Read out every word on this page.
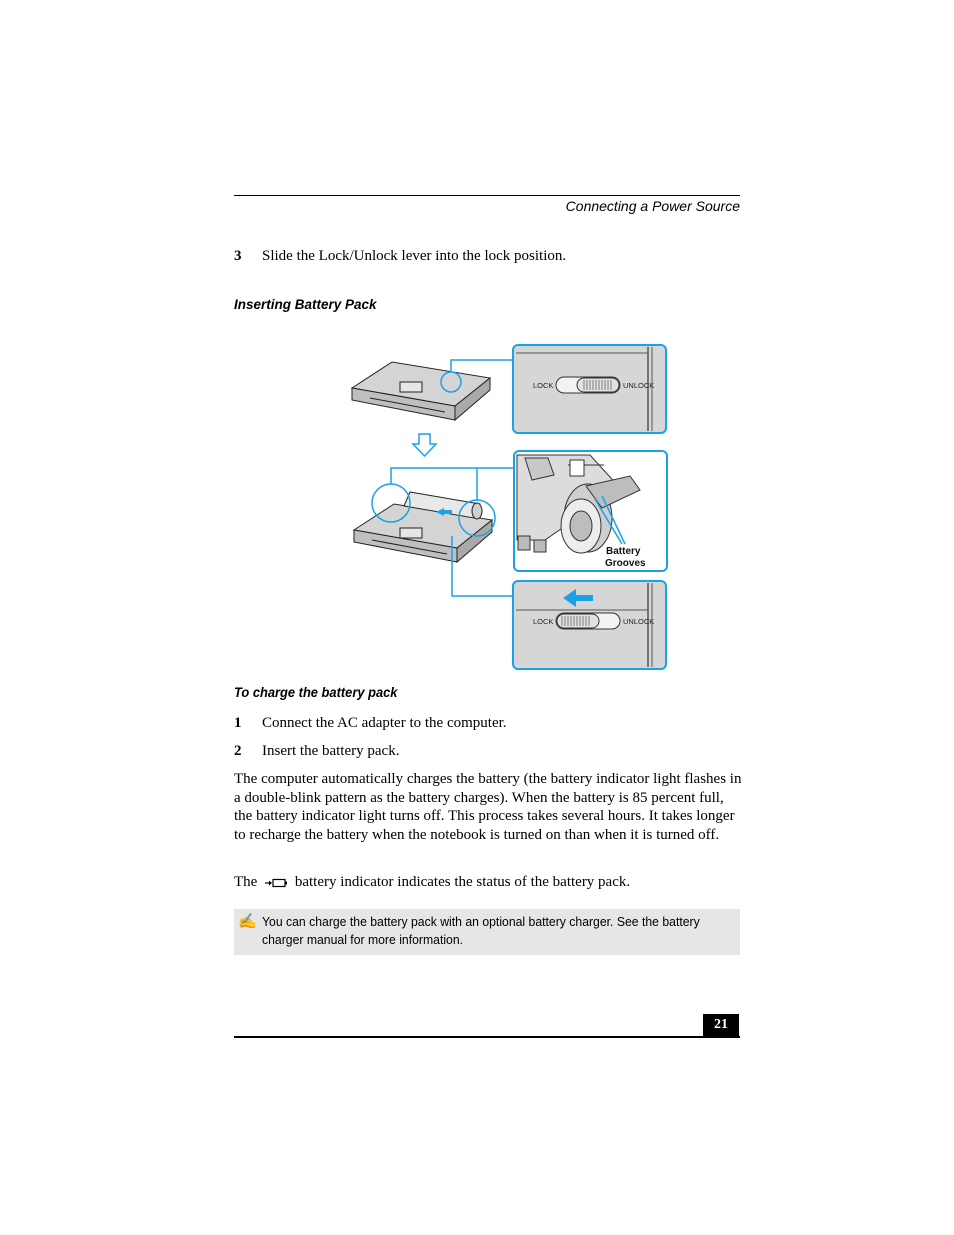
Connecting a Power Source
3 Slide the Lock/Unlock lever into the lock position.
Inserting Battery Pack
LOCK	UNLOCK
Battery
Grooves
LOCK	UNLOCK
To charge the battery pack
1 Connect the AC adapter to the computer.
2 Insert the battery pack.
The computer automatically charges the battery (the battery indicator light flashes in a double-blink pattern as the battery charges). When the battery is 85 percent full, the battery indicator light turns off. This process takes several hours. It takes longer to recharge the battery when the notebook is turned on than when it is turned off.
The	battery indicator indicates the status of the battery pack.
✍ You can charge the battery pack with an optional battery charger. See the battery charger manual for more information.
21
